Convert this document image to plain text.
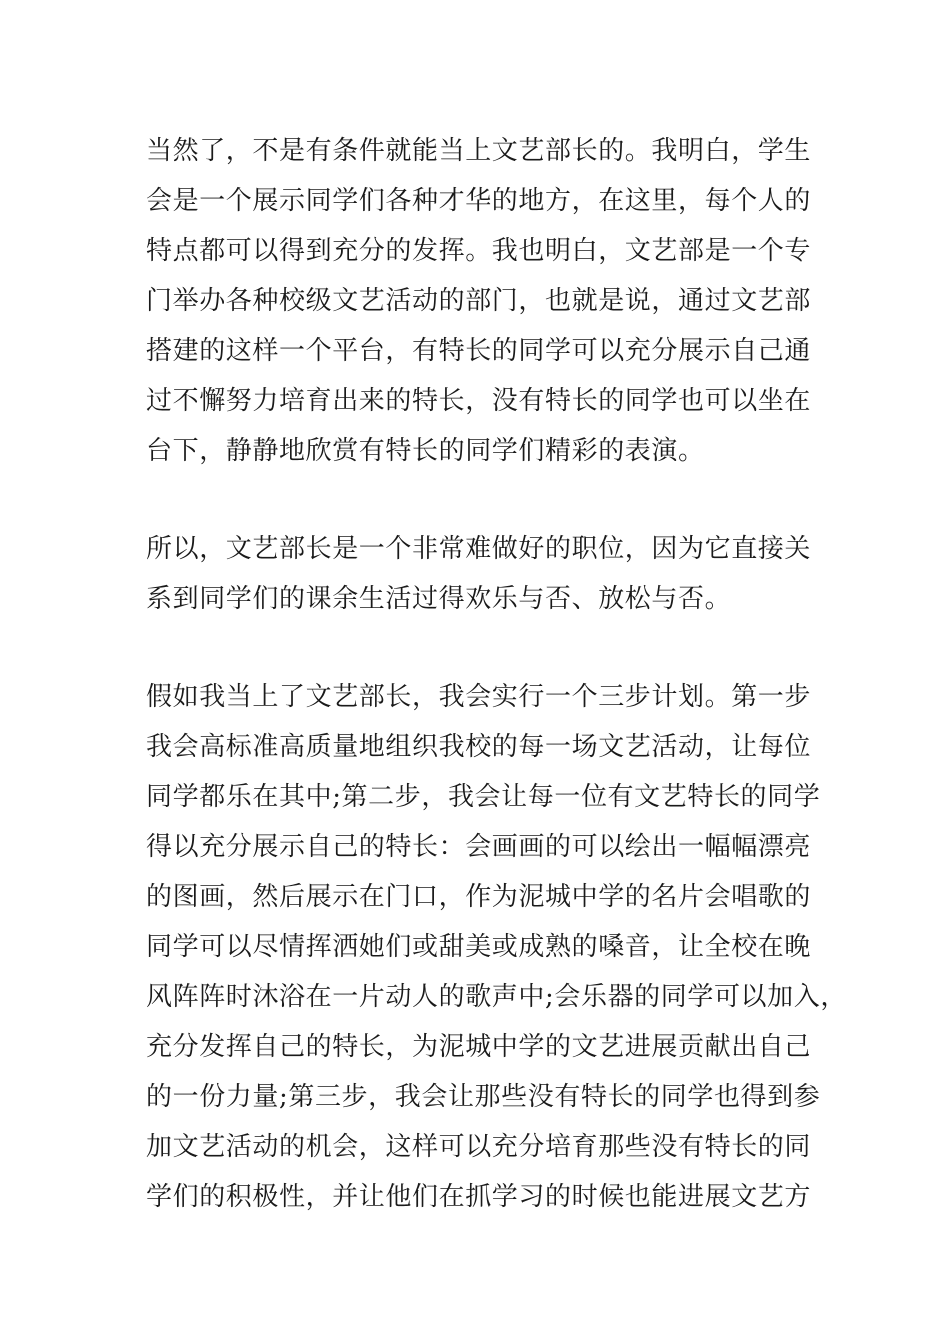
当然了，不是有条件就能当上文艺部长的。我明白，学生
会是一个展示同学们各种才华的地方，在这里，每个人的
特点都可以得到充分的发挥。我也明白，文艺部是一个专
门举办各种校级文艺活动的部门，也就是说，通过文艺部
搭建的这样一个平台，有特长的同学可以充分展示自己通
过不懈努力培育出来的特长，没有特长的同学也可以坐在
台下，静静地欣赏有特长的同学们精彩的表演。
所以，文艺部长是一个非常难做好的职位，因为它直接关
系到同学们的课余生活过得欢乐与否、放松与否。
假如我当上了文艺部长，我会实行一个三步计划。第一步
我会高标准高质量地组织我校的每一场文艺活动，让每位
同学都乐在其中;第二步，我会让每一位有文艺特长的同学
得以充分展示自己的特长：会画画的可以绘出一幅幅漂亮
的图画，然后展示在门口，作为泥城中学的名片会唱歌的
同学可以尽情挥洒她们或甜美或成熟的嗓音，让全校在晚
风阵阵时沐浴在一片动人的歌声中;会乐器的同学可以加入，
充分发挥自己的特长，为泥城中学的文艺进展贡献出自己
的一份力量;第三步，我会让那些没有特长的同学也得到参
加文艺活动的机会，这样可以充分培育那些没有特长的同
学们的积极性，并让他们在抓学习的时候也能进展文艺方
